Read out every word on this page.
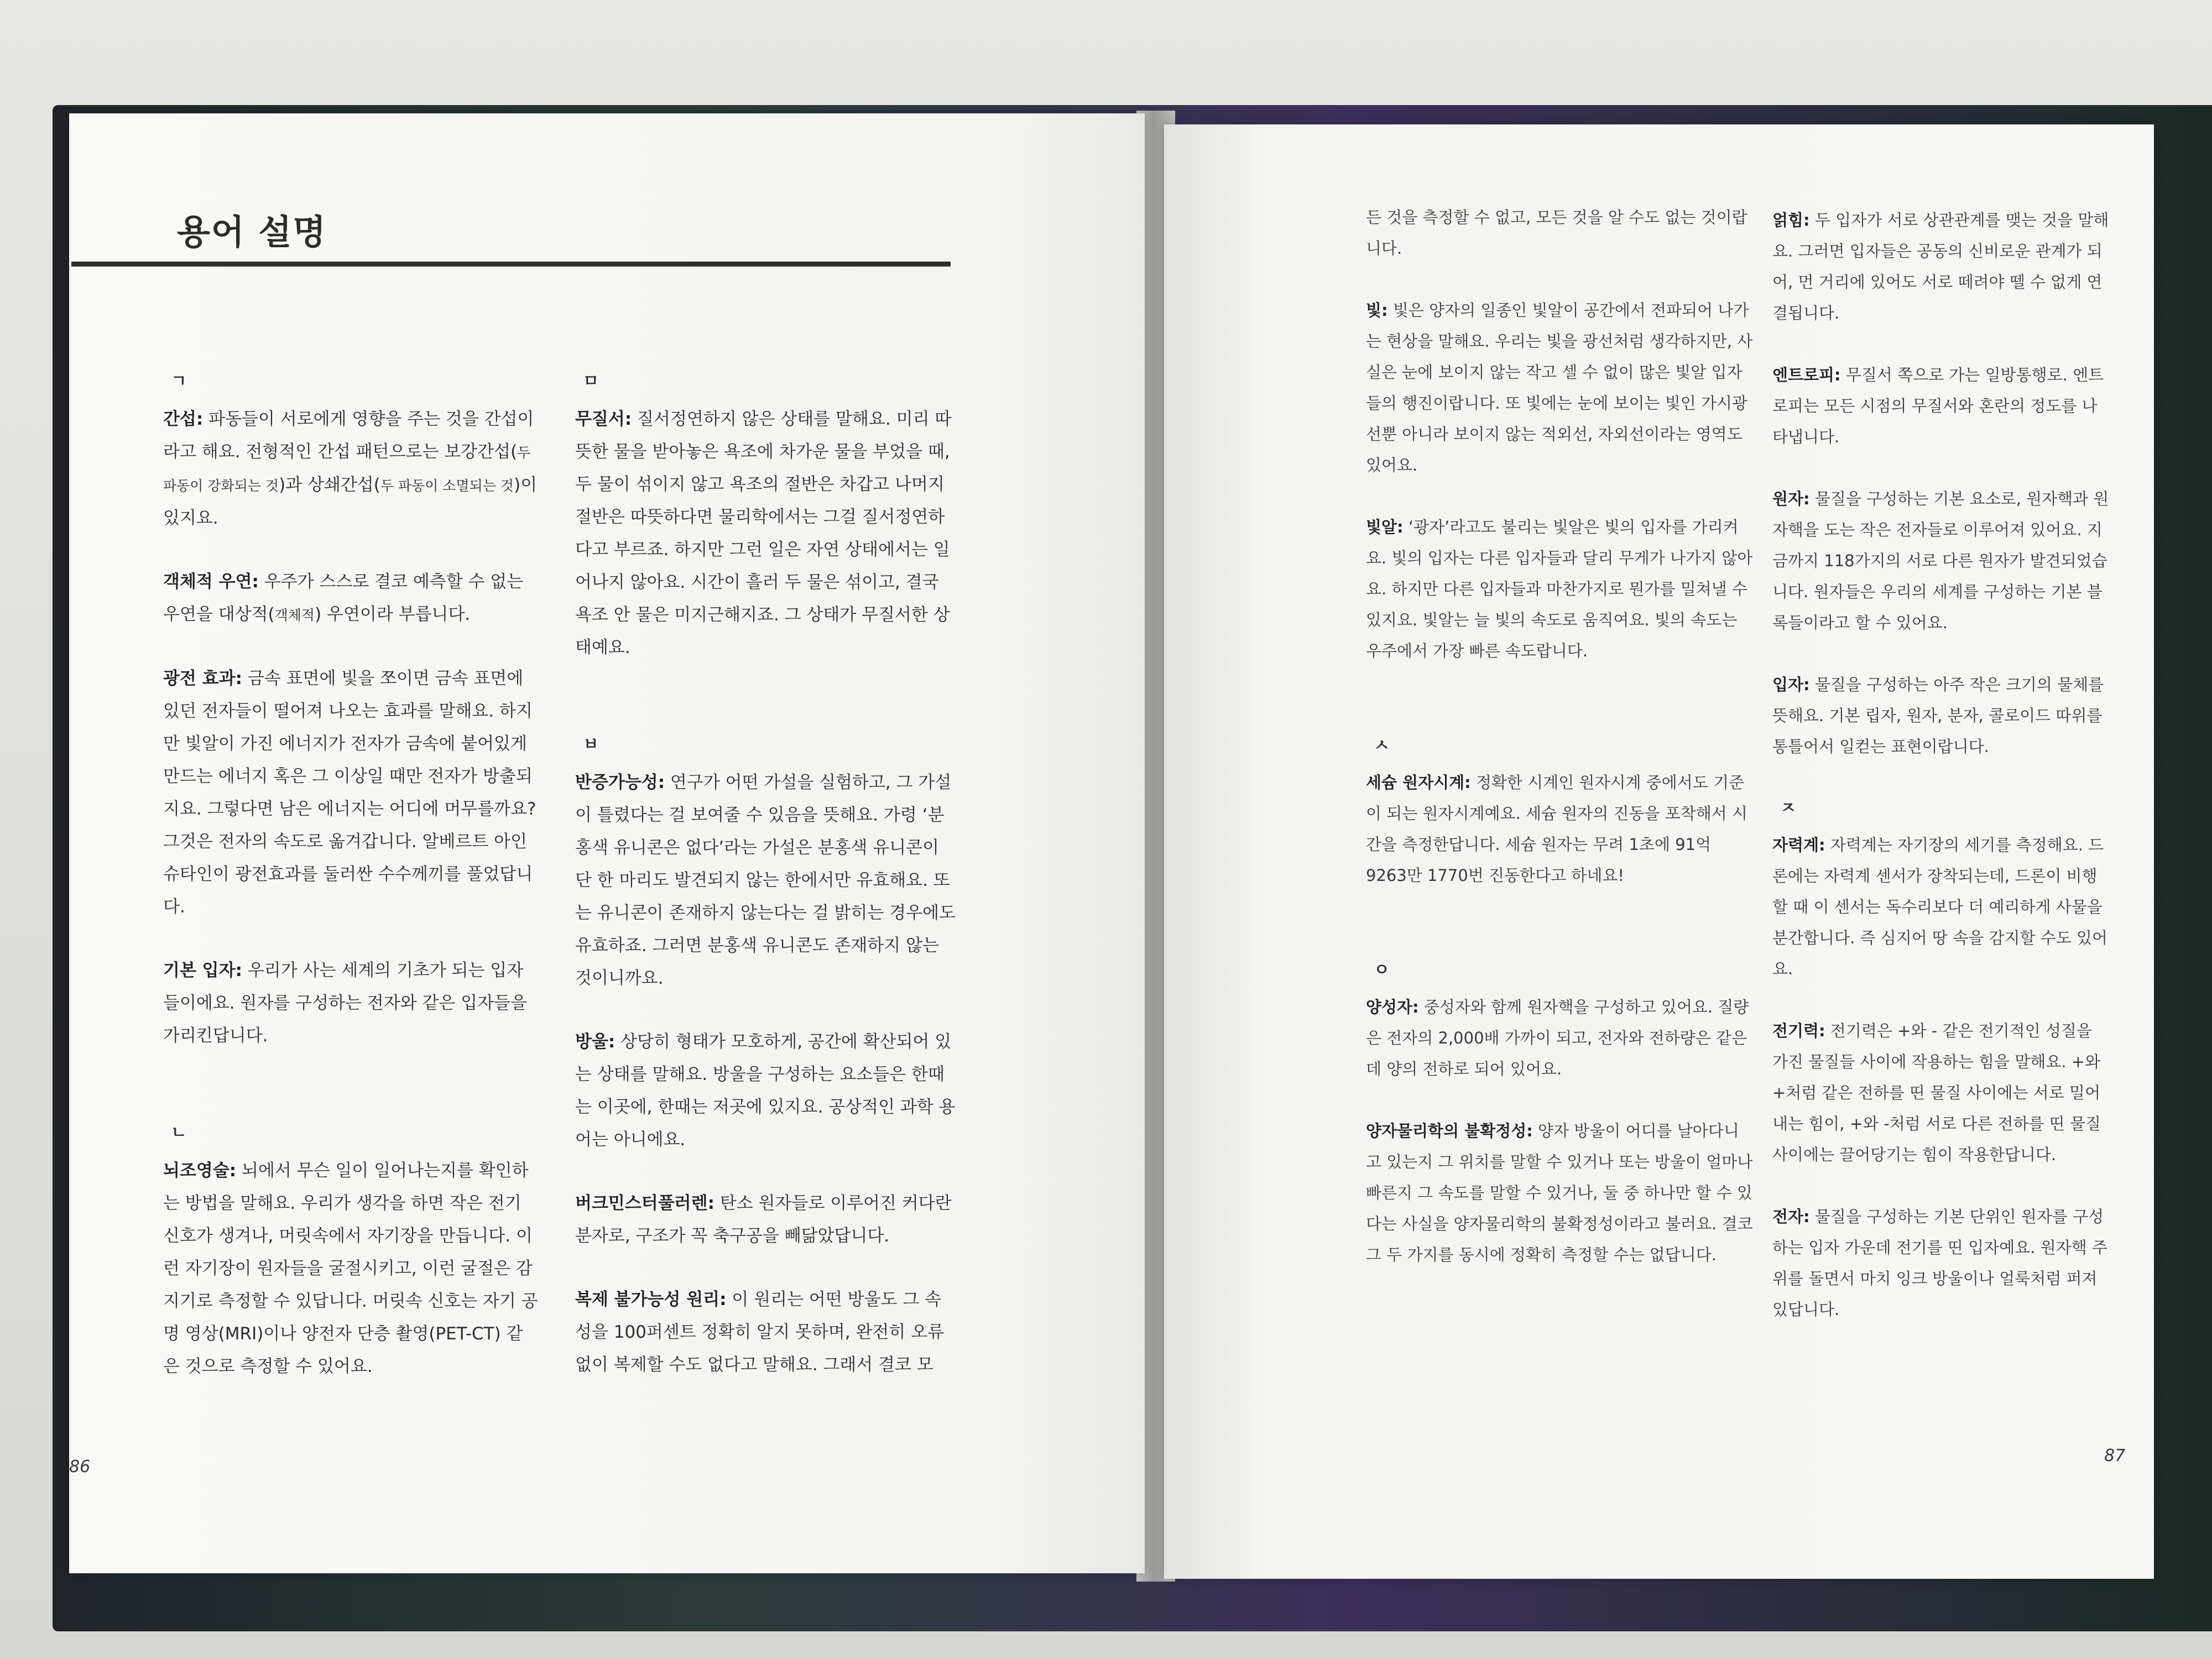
용어 설명
ㄱ
간섭: 파동들이 서로에게 영향을 주는 것을 간섭이라고 해요. 전형적인 간섭 패턴으로는 보강간섭(두 파동이 강화되는 것)과 상쇄간섭(두 파동이 소멸되는 것)이 있지요.
객체적 우연: 우주가 스스로 결코 예측할 수 없는 우연을 대상적(객체적) 우연이라 부릅니다.
광전 효과: 금속 표면에 빛을 쪼이면 금속 표면에 있던 전자들이 떨어져 나오는 효과를 말해요. 하지만 빛알이 가진 에너지가 전자가 금속에 붙어있게 만드는 에너지 혹은 그 이상일 때만 전자가 방출되지요. 그렇다면 남은 에너지는 어디에 머무를까요? 그것은 전자의 속도로 옮겨갑니다. 알베르트 아인슈타인이 광전효과를 둘러싼 수수께끼를 풀었답니다.
기본 입자: 우리가 사는 세계의 기초가 되는 입자들이에요. 원자를 구성하는 전자와 같은 입자들을 가리킨답니다.
ㄴ
뇌조영술: 뇌에서 무슨 일이 일어나는지를 확인하는 방법을 말해요. 우리가 생각을 하면 작은 전기 신호가 생겨나, 머릿속에서 자기장을 만듭니다. 이런 자기장이 원자들을 굴절시키고, 이런 굴절은 감지기로 측정할 수 있답니다. 머릿속 신호는 자기 공명 영상(MRI)이나 양전자 단층 촬영(PET-CT) 같은 것으로 측정할 수 있어요.
ㅁ
무질서: 질서정연하지 않은 상태를 말해요. 미리 따뜻한 물을 받아놓은 욕조에 차가운 물을 부었을 때, 두 물이 섞이지 않고 욕조의 절반은 차갑고 나머지 절반은 따뜻하다면 물리학에서는 그걸 질서정연하다고 부르죠. 하지만 그런 일은 자연 상태에서는 일어나지 않아요. 시간이 흘러 두 물은 섞이고, 결국 욕조 안 물은 미지근해지죠. 그 상태가 무질서한 상태예요.
ㅂ
반증가능성: 연구가 어떤 가설을 실험하고, 그 가설이 틀렸다는 걸 보여줄 수 있음을 뜻해요. 가령 ‘분홍색 유니콘은 없다’라는 가설은 분홍색 유니콘이 단 한 마리도 발견되지 않는 한에서만 유효해요. 또는 유니콘이 존재하지 않는다는 걸 밝히는 경우에도 유효하죠. 그러면 분홍색 유니콘도 존재하지 않는 것이니까요.
방울: 상당히 형태가 모호하게, 공간에 확산되어 있는 상태를 말해요. 방울을 구성하는 요소들은 한때는 이곳에, 한때는 저곳에 있지요. 공상적인 과학 용어는 아니에요.
버크민스터풀러렌: 탄소 원자들로 이루어진 커다란 분자로, 구조가 꼭 축구공을 빼닮았답니다.
복제 불가능성 원리: 이 원리는 어떤 방울도 그 속성을 100퍼센트 정확히 알지 못하며, 완전히 오류 없이 복제할 수도 없다고 말해요. 그래서 결코 모
86
든 것을 측정할 수 없고, 모든 것을 알 수도 없는 것이랍니다.
빛: 빛은 양자의 일종인 빛알이 공간에서 전파되어 나가는 현상을 말해요. 우리는 빛을 광선처럼 생각하지만, 사실은 눈에 보이지 않는 작고 셀 수 없이 많은 빛알 입자들의 행진이랍니다. 또 빛에는 눈에 보이는 빛인 가시광선뿐 아니라 보이지 않는 적외선, 자외선이라는 영역도 있어요.
빛알: ‘광자’라고도 불리는 빛알은 빛의 입자를 가리켜요. 빛의 입자는 다른 입자들과 달리 무게가 나가지 않아요. 하지만 다른 입자들과 마찬가지로 뭔가를 밀쳐낼 수 있지요. 빛알는 늘 빛의 속도로 움직여요. 빛의 속도는 우주에서 가장 빠른 속도랍니다.
ㅅ
세슘 원자시계: 정확한 시계인 원자시계 중에서도 기준이 되는 원자시계예요. 세슘 원자의 진동을 포착해서 시간을 측정한답니다. 세슘 원자는 무려 1초에 91억 9263만 1770번 진동한다고 하네요!
ㅇ
양성자: 중성자와 함께 원자핵을 구성하고 있어요. 질량은 전자의 2,000배 가까이 되고, 전자와 전하량은 같은데 양의 전하로 되어 있어요.
양자물리학의 불확정성: 양자 방울이 어디를 날아다니고 있는지 그 위치를 말할 수 있거나 또는 방울이 얼마나 빠른지 그 속도를 말할 수 있거나, 둘 중 하나만 할 수 있다는 사실을 양자물리학의 불확정성이라고 불러요. 결코 그 두 가지를 동시에 정확히 측정할 수는 없답니다.
얽힘: 두 입자가 서로 상관관계를 맺는 것을 말해요. 그러면 입자들은 공동의 신비로운 관계가 되어, 먼 거리에 있어도 서로 떼려야 뗄 수 없게 연결됩니다.
엔트로피: 무질서 쪽으로 가는 일방통행로. 엔트로피는 모든 시점의 무질서와 혼란의 정도를 나타냅니다.
원자: 물질을 구성하는 기본 요소로, 원자핵과 원자핵을 도는 작은 전자들로 이루어져 있어요. 지금까지 118가지의 서로 다른 원자가 발견되었습니다. 원자들은 우리의 세계를 구성하는 기본 블록들이라고 할 수 있어요.
입자: 물질을 구성하는 아주 작은 크기의 물체를 뜻해요. 기본 립자, 원자, 분자, 콜로이드 따위를 통틀어서 일컫는 표현이랍니다.
ㅈ
자력계: 자력계는 자기장의 세기를 측정해요. 드론에는 자력계 센서가 장착되는데, 드론이 비행할 때 이 센서는 독수리보다 더 예리하게 사물을 분간합니다. 즉 심지어 땅 속을 감지할 수도 있어요.
전기력: 전기력은 +와 - 같은 전기적인 성질을 가진 물질들 사이에 작용하는 힘을 말해요. +와 +처럼 같은 전하를 띤 물질 사이에는 서로 밀어내는 힘이, +와 -처럼 서로 다른 전하를 띤 물질 사이에는 끌어당기는 힘이 작용한답니다.
전자: 물질을 구성하는 기본 단위인 원자를 구성하는 입자 가운데 전기를 띤 입자예요. 원자핵 주위를 돌면서 마치 잉크 방울이나 얼룩처럼 퍼져 있답니다.
87
